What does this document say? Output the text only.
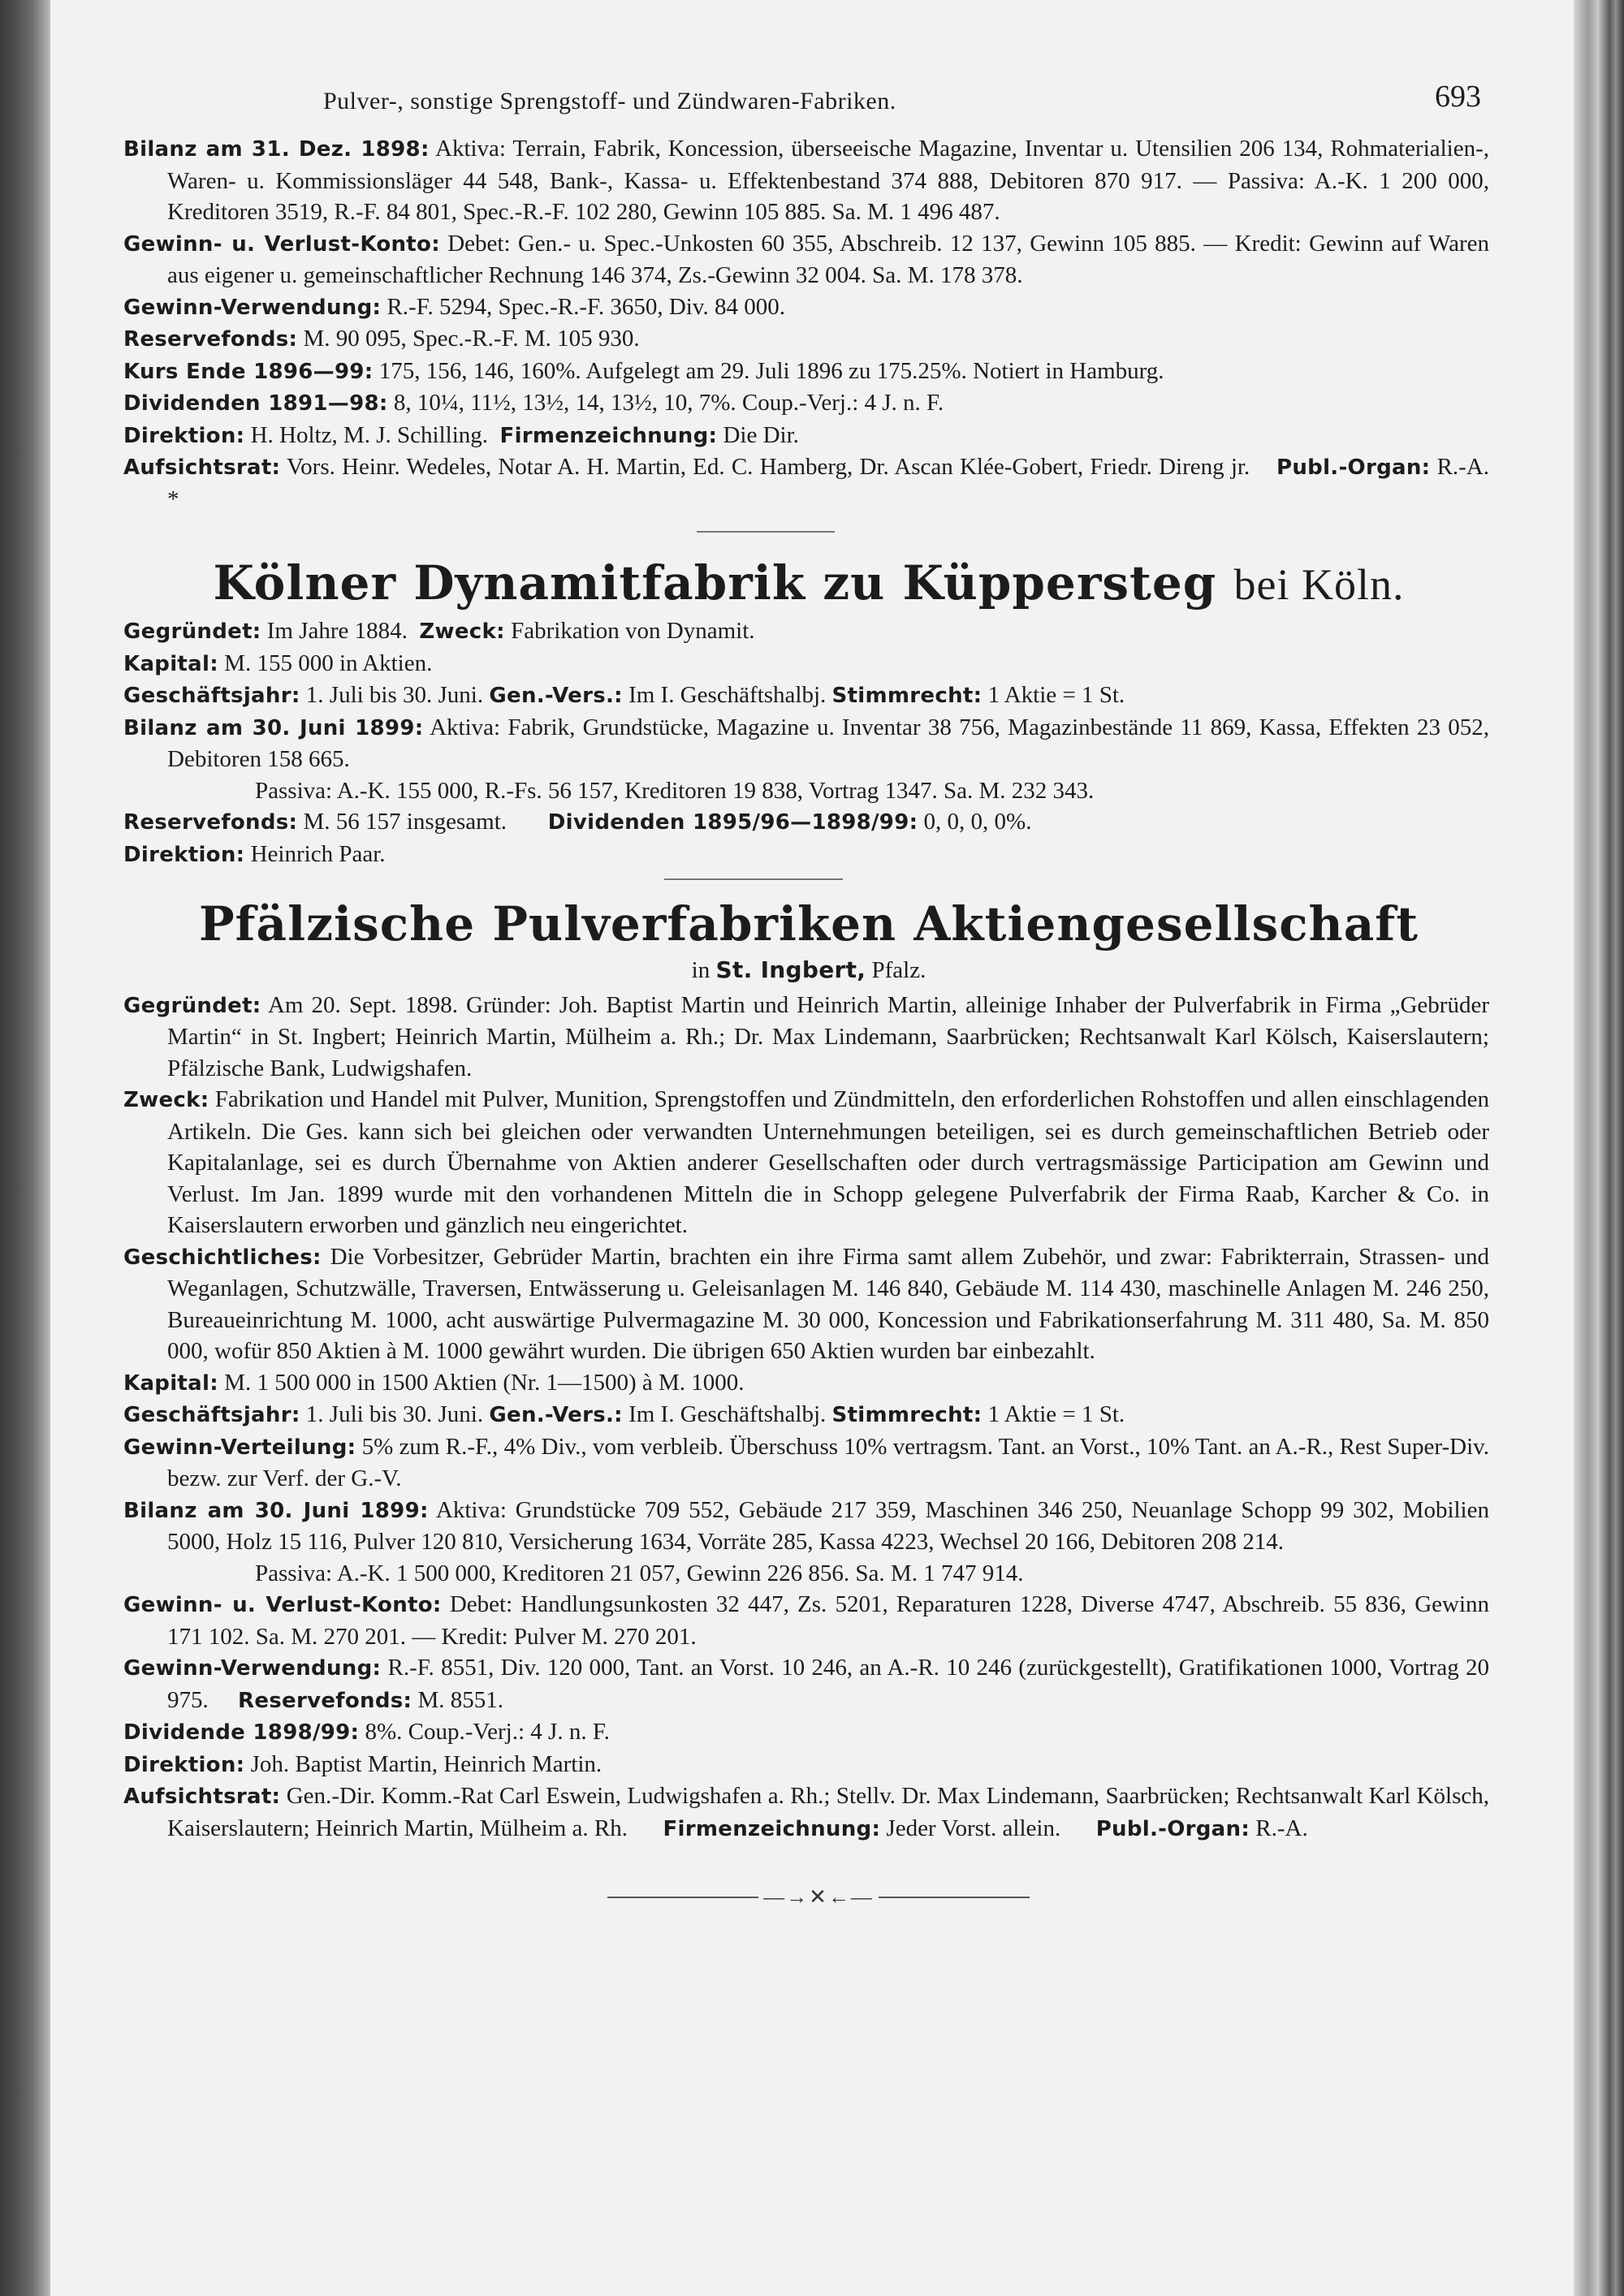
Pulver-, sonstige Sprengstoff- und Zündwaren-Fabriken.	693

Bilanz am 31. Dez. 1898: Aktiva: Terrain, Fabrik, Koncession, überseeische Magazine, Inventar u. Utensilien 206 134, Rohmaterialien-, Waren- u. Kommissionsläger 44 548, Bank-, Kassa- u. Effektenbestand 374 888, Debitoren 870 917. — Passiva: A.-K. 1 200 000, Kreditoren 3519, R.-F. 84 801, Spec.-R.-F. 102 280, Gewinn 105 885. Sa. M. 1 496 487.

Gewinn- u. Verlust-Konto: Debet: Gen.- u. Spec.-Unkosten 60 355, Abschreib. 12 137, Gewinn 105 885. — Kredit: Gewinn auf Waren aus eigener u. gemeinschaftlicher Rechnung 146 374, Zs.-Gewinn 32 004. Sa. M. 178 378.

Gewinn-Verwendung: R.-F. 5294, Spec.-R.-F. 3650, Div. 84 000.

Reservefonds: M. 90 095, Spec.-R.-F. M. 105 930.

Kurs Ende 1896—99: 175, 156, 146, 160%. Aufgelegt am 29. Juli 1896 zu 175.25%. Notiert in Hamburg.

Dividenden 1891—98: 8, 10¼, 11½, 13½, 14, 13½, 10, 7%. Coup.-Verj.: 4 J. n. F.

Direktion: H. Holtz, M. J. Schilling. Firmenzeichnung: Die Dir.

Aufsichtsrat: Vors. Heinr. Wedeles, Notar A. H. Martin, Ed. C. Hamberg, Dr. Ascan Klée-Gobert, Friedr. Direng jr. Publ.-Organ: R.-A. *

Kölner Dynamitfabrik zu Küppersteg bei Köln.

Gegründet: Im Jahre 1884. Zweck: Fabrikation von Dynamit.

Kapital: M. 155 000 in Aktien.

Geschäftsjahr: 1. Juli bis 30. Juni. Gen.-Vers.: Im I. Geschäftshalbj. Stimmrecht: 1 Aktie = 1 St.

Bilanz am 30. Juni 1899: Aktiva: Fabrik, Grundstücke, Magazine u. Inventar 38 756, Magazinbestände 11 869, Kassa, Effekten 23 052, Debitoren 158 665.

Passiva: A.-K. 155 000, R.-Fs. 56 157, Kreditoren 19 838, Vortrag 1347. Sa. M. 232 343.

Reservefonds: M. 56 157 insgesamt. Dividenden 1895/96—1898/99: 0, 0, 0, 0%.

Direktion: Heinrich Paar.

Pfälzische Pulverfabriken Aktiengesellschaft

in St. Ingbert, Pfalz.

Gegründet: Am 20. Sept. 1898. Gründer: Joh. Baptist Martin und Heinrich Martin, alleinige Inhaber der Pulverfabrik in Firma „Gebrüder Martin“ in St. Ingbert; Heinrich Martin, Mülheim a. Rh.; Dr. Max Lindemann, Saarbrücken; Rechtsanwalt Karl Kölsch, Kaiserslautern; Pfälzische Bank, Ludwigshafen.

Zweck: Fabrikation und Handel mit Pulver, Munition, Sprengstoffen und Zündmitteln, den erforderlichen Rohstoffen und allen einschlagenden Artikeln. Die Ges. kann sich bei gleichen oder verwandten Unternehmungen beteiligen, sei es durch gemeinschaftlichen Betrieb oder Kapitalanlage, sei es durch Übernahme von Aktien anderer Gesellschaften oder durch vertragsmässige Participation am Gewinn und Verlust. Im Jan. 1899 wurde mit den vorhandenen Mitteln die in Schopp gelegene Pulverfabrik der Firma Raab, Karcher & Co. in Kaiserslautern erworben und gänzlich neu eingerichtet.

Geschichtliches: Die Vorbesitzer, Gebrüder Martin, brachten ein ihre Firma samt allem Zubehör, und zwar: Fabrikterrain, Strassen- und Weganlagen, Schutzwälle, Traversen, Entwässerung u. Geleisanlagen M. 146 840, Gebäude M. 114 430, maschinelle Anlagen M. 246 250, Bureaueinrichtung M. 1000, acht auswärtige Pulvermagazine M. 30 000, Koncession und Fabrikationserfahrung M. 311 480, Sa. M. 850 000, wofür 850 Aktien à M. 1000 gewährt wurden. Die übrigen 650 Aktien wurden bar einbezahlt.

Kapital: M. 1 500 000 in 1500 Aktien (Nr. 1—1500) à M. 1000.

Geschäftsjahr: 1. Juli bis 30. Juni. Gen.-Vers.: Im I. Geschäftshalbj. Stimmrecht: 1 Aktie = 1 St.

Gewinn-Verteilung: 5% zum R.-F., 4% Div., vom verbleib. Überschuss 10% vertragsm. Tant. an Vorst., 10% Tant. an A.-R., Rest Super-Div. bezw. zur Verf. der G.-V.

Bilanz am 30. Juni 1899: Aktiva: Grundstücke 709 552, Gebäude 217 359, Maschinen 346 250, Neuanlage Schopp 99 302, Mobilien 5000, Holz 15 116, Pulver 120 810, Versicherung 1634, Vorräte 285, Kassa 4223, Wechsel 20 166, Debitoren 208 214.

Passiva: A.-K. 1 500 000, Kreditoren 21 057, Gewinn 226 856. Sa. M. 1 747 914.

Gewinn- u. Verlust-Konto: Debet: Handlungsunkosten 32 447, Zs. 5201, Reparaturen 1228, Diverse 4747, Abschreib. 55 836, Gewinn 171 102. Sa. M. 270 201. — Kredit: Pulver M. 270 201.

Gewinn-Verwendung: R.-F. 8551, Div. 120 000, Tant. an Vorst. 10 246, an A.-R. 10 246 (zurückgestellt), Gratifikationen 1000, Vortrag 20 975. Reservefonds: M. 8551.

Dividende 1898/99: 8%. Coup.-Verj.: 4 J. n. F.

Direktion: Joh. Baptist Martin, Heinrich Martin.

Aufsichtsrat: Gen.-Dir. Komm.-Rat Carl Eswein, Ludwigshafen a. Rh.; Stellv. Dr. Max Lindemann, Saarbrücken; Rechtsanwalt Karl Kölsch, Kaiserslautern; Heinrich Martin, Mülheim a. Rh. Firmenzeichnung: Jeder Vorst. allein. Publ.-Organ: R.-A.

—→✕←—
